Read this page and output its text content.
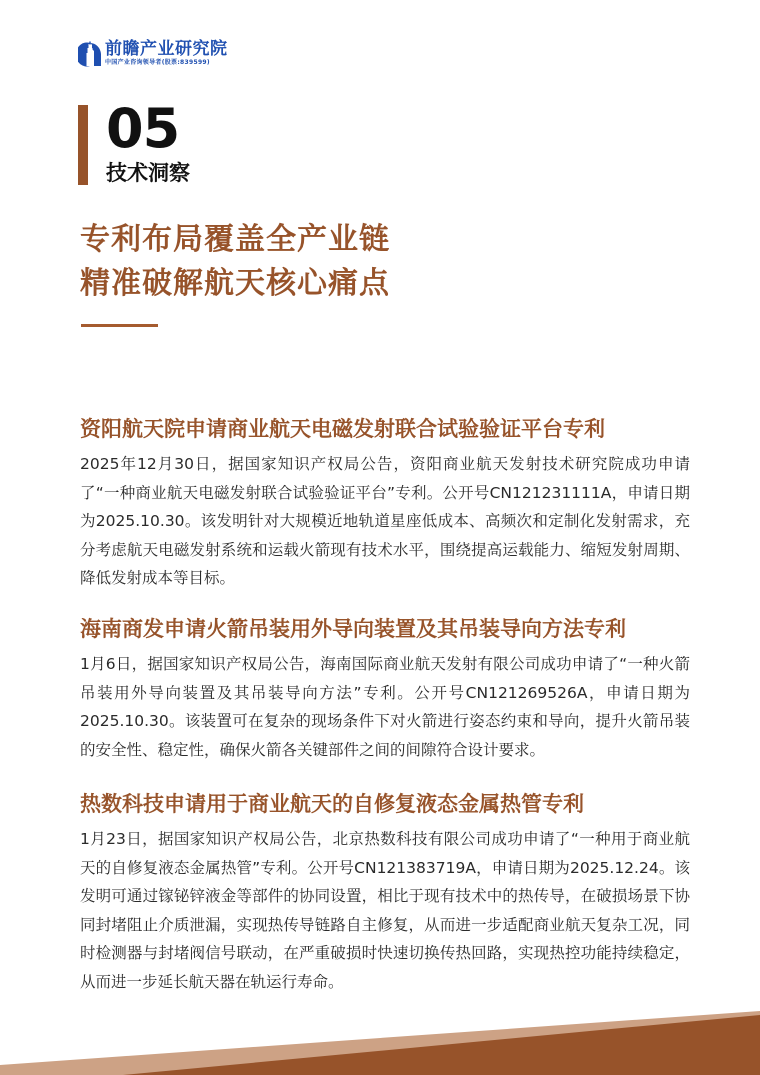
前瞻产业研究院
中国产业咨询领导者(股票:839599)
05
技术洞察
专利布局覆盖全产业链
精准破解航天核心痛点
资阳航天院申请商业航天电磁发射联合试验验证平台专利

2025年12月30日，据国家知识产权局公告，资阳商业航天发射技术研究院成功申请了“一种商业航天电磁发射联合试验验证平台”专利。公开号CN121231111A，申请日期为2025.10.30。该发明针对大规模近地轨道星座低成本、高频次和定制化发射需求，充分考虑航天电磁发射系统和运载火箭现有技术水平，围绕提高运载能力、缩短发射周期、降低发射成本等目标。

海南商发申请火箭吊装用外导向装置及其吊装导向方法专利

1月6日，据国家知识产权局公告，海南国际商业航天发射有限公司成功申请了“一种火箭吊装用外导向装置及其吊装导向方法”专利。公开号CN121269526A，申请日期为2025.10.30。该装置可在复杂的现场条件下对火箭进行姿态约束和导向，提升火箭吊装的安全性、稳定性，确保火箭各关键部件之间的间隙符合设计要求。

热数科技申请用于商业航天的自修复液态金属热管专利

1月23日，据国家知识产权局公告，北京热数科技有限公司成功申请了“一种用于商业航天的自修复液态金属热管”专利。公开号CN121383719A，申请日期为2025.12.24。该发明可通过镓铋锌液金等部件的协同设置，相比于现有技术中的热传导，在破损场景下协同封堵阻止介质泄漏，实现热传导链路自主修复，从而进一步适配商业航天复杂工况，同时检测器与封堵阀信号联动，在严重破损时快速切换传热回路，实现热控功能持续稳定，从而进一步延长航天器在轨运行寿命。
